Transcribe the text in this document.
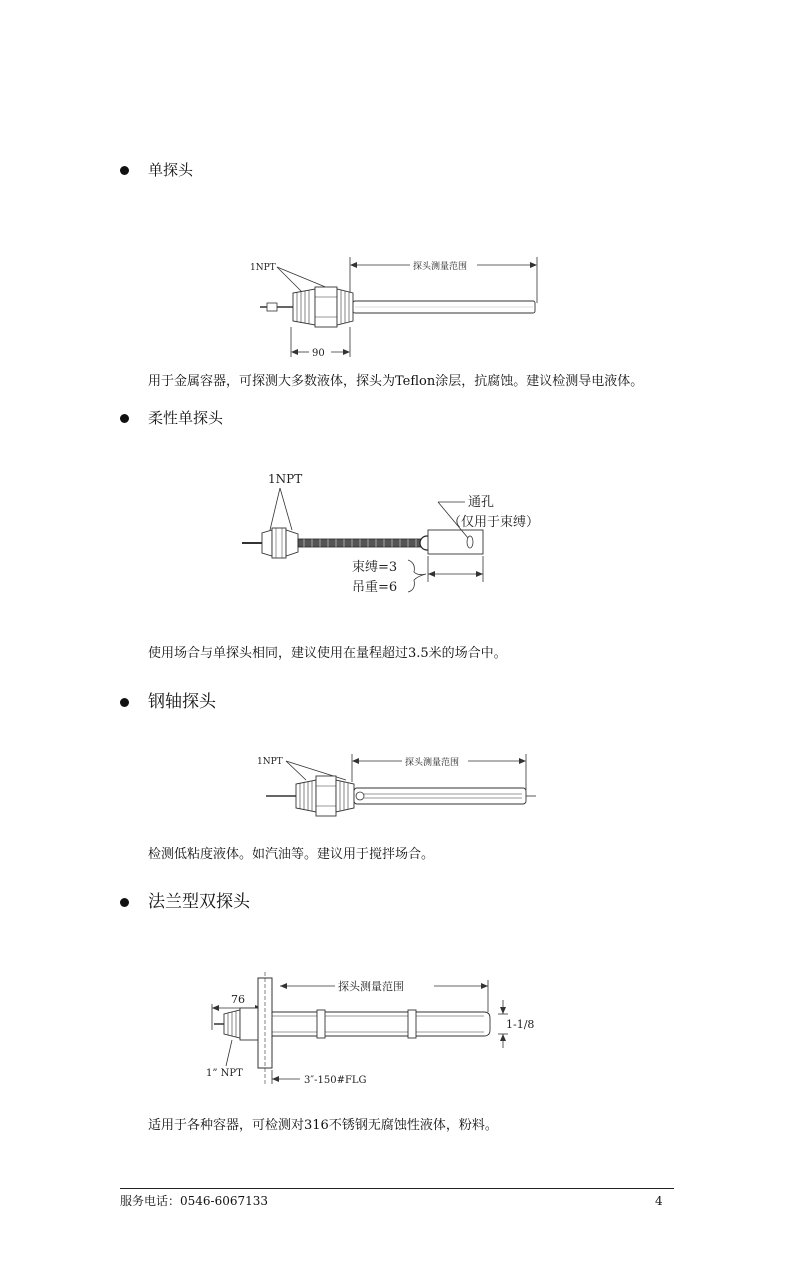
单探头
1NPT	探头测量范围
90
用于金属容器，可探测大多数液体，探头为Teflon涂层，抗腐蚀。建议检测导电液体。
柔性单探头
1NPT
通孔
（仅用于束缚）
束缚=3
吊重=6
使用场合与单探头相同，建议使用在量程超过3.5米的场合中。
钢轴探头
1NPT	探头测量范围
检测低粘度液体。如汽油等。建议用于搅拌场合。
法兰型双探头
76
探头测量范围
1-1/8
1” NPT
3″-150#FLG
适用于各种容器，可检测对316不锈钢无腐蚀性液体，粉料。
服务电话：0546-6067133	4
